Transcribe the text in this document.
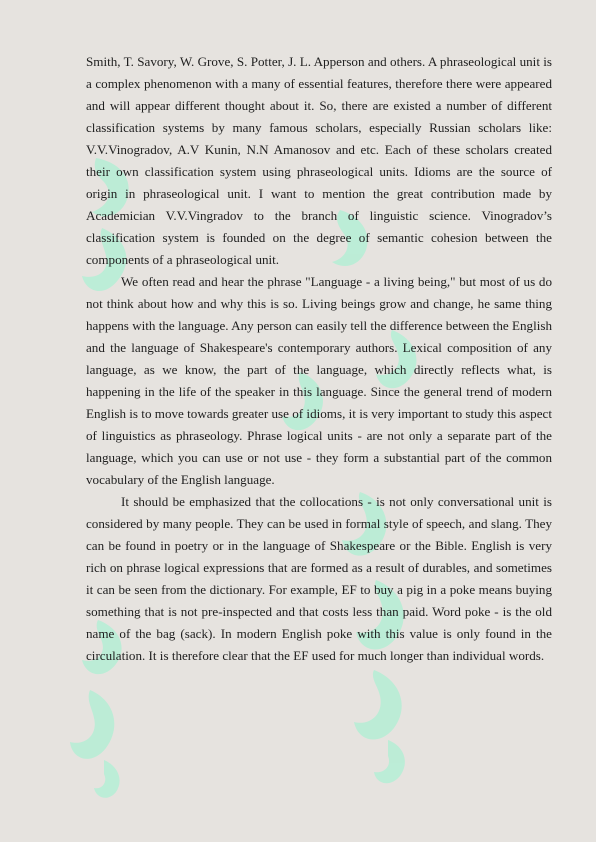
Smith, T. Savory, W. Grove, S. Potter, J. L. Apperson and others. A phraseological unit is a complex phenomenon with a many of essential features, therefore there were appeared and will appear different thought about it. So, there are existed a number of different classification systems by many famous scholars, especially Russian scholars like: V.V.Vinogradov, A.V Kunin, N.N Amanosov and etc. Each of these scholars created their own classification system using phraseological units. Idioms are the source of origin in phraseological unit. I want to mention the great contribution made by Academician V.V.Vingradov to the branch of linguistic science. Vinogradov’s classification system is founded on the degree of semantic cohesion between the components of a phraseological unit.

We often read and hear the phrase "Language - a living being," but most of us do not think about how and why this is so. Living beings grow and change, he same thing happens with the language. Any person can easily tell the difference between the English and the language of Shakespeare's contemporary authors. Lexical composition of any language, as we know, the part of the language, which directly reflects what, is happening in the life of the speaker in this language. Since the general trend of modern English is to move towards greater use of idioms, it is very important to study this aspect of linguistics as phraseology. Phrase logical units - are not only a separate part of the language, which you can use or not use - they form a substantial part of the common vocabulary of the English language.

It should be emphasized that the collocations - is not only conversational unit is considered by many people. They can be used in formal style of speech, and slang. They can be found in poetry or in the language of Shakespeare or the Bible. English is very rich on phrase logical expressions that are formed as a result of durables, and sometimes it can be seen from the dictionary. For example, EF to buy a pig in a poke means buying something that is not pre-inspected and that costs less than paid. Word poke - is the old name of the bag (sack). In modern English poke with this value is only found in the circulation. It is therefore clear that the EF used for much longer than individual words.
